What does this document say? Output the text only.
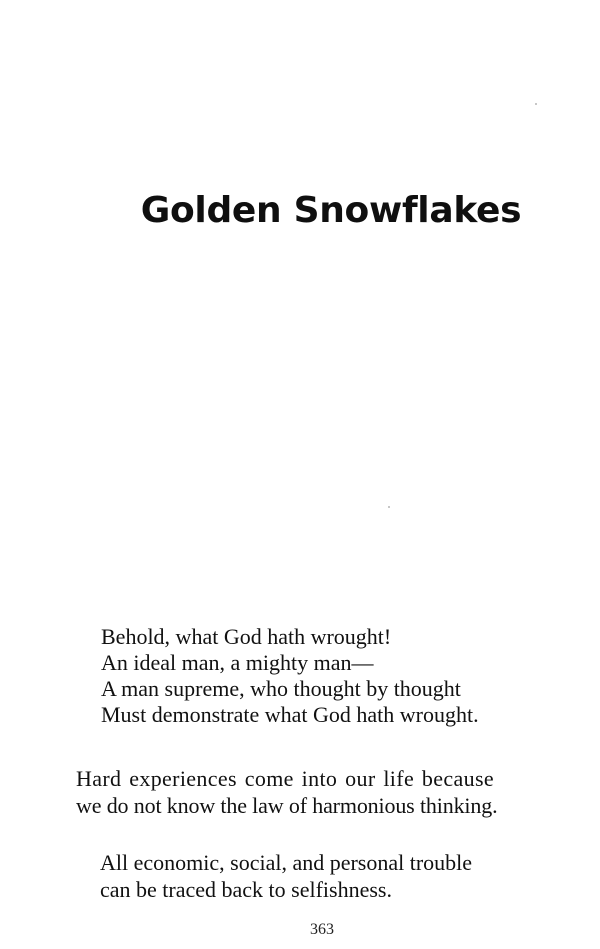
Golden Snowflakes
Behold, what God hath wrought!
An ideal man, a mighty man—
A man supreme, who thought by thought
Must demonstrate what God hath wrought.
Hard experiences come into our life because
we do not know the law of harmonious thinking.
All economic, social, and personal trouble
can be traced back to selfishness.
363
